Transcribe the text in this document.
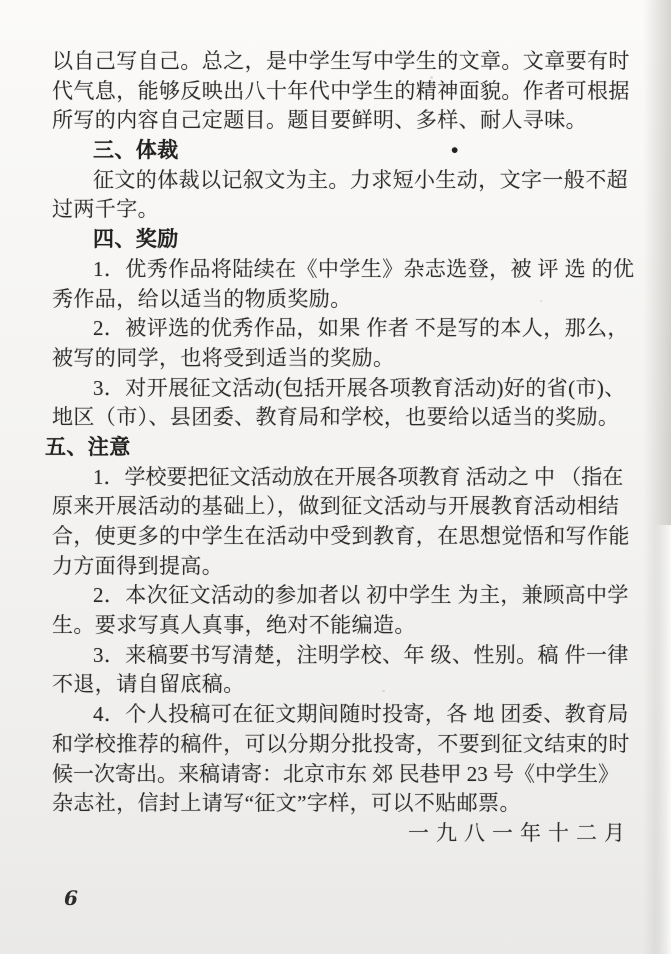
以自己写自己。总之，是中学生写中学生的文章。文章要有时
代气息，能够反映出八十年代中学生的精神面貌。作者可根据
所写的内容自己定题目。题目要鲜明、多样、耐人寻味。
三、体裁	•
征文的体裁以记叙文为主。力求短小生动，文字一般不超
过两千字。
四、奖励
1．优秀作品将陆续在《中学生》杂志选登，被 评 选 的优
秀作品，给以适当的物质奖励。
2．被评选的优秀作品，如果 作者 不是写的本人，那么，
被写的同学，也将受到适当的奖励。
3．对开展征文活动(包括开展各项教育活动)好的省(市)、
地区（市）、县团委、教育局和学校，也要给以适当的奖励。
五、注意
1．学校要把征文活动放在开展各项教育 活动之 中 （指在
原来开展活动的基础上），做到征文活动与开展教育活动相结
合，使更多的中学生在活动中受到教育，在思想觉悟和写作能
力方面得到提高。
2．本次征文活动的参加者以 初中学生 为主，兼顾高中学
生。要求写真人真事，绝对不能编造。
3．来稿要书写清楚，注明学校、年 级、性别。稿 件一律
不退，请自留底稿。
4．个人投稿可在征文期间随时投寄，各 地 团委、教育局
和学校推荐的稿件，可以分期分批投寄，不要到征文结束的时
候一次寄出。来稿请寄：北京市东 郊 民巷甲 23 号《中学生》
杂志社，信封上请写“征文”字样，可以不贴邮票。
一九八一年十二月
6
